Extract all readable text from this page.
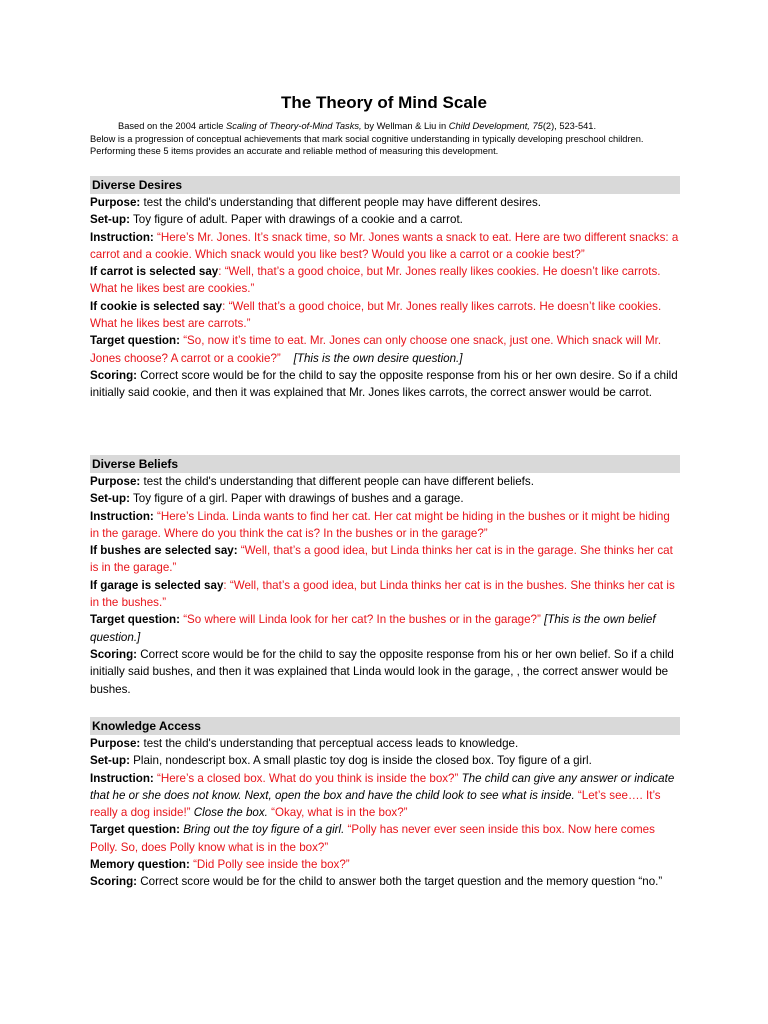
The Theory of Mind Scale
Based on the 2004 article Scaling of Theory-of-Mind Tasks, by Wellman & Liu in Child Development, 75(2), 523-541.
Below is a progression of conceptual achievements that mark social cognitive understanding in typically developing preschool children. Performing these 5 items provides an accurate and reliable method of measuring this development.
Diverse Desires
Purpose: test the child's understanding that different people may have different desires.
Set-up: Toy figure of adult. Paper with drawings of a cookie and a carrot.
Instruction: “Here’s Mr. Jones. It’s snack time, so Mr. Jones wants a snack to eat. Here are two different snacks: a carrot and a cookie. Which snack would you like best? Would you like a carrot or a cookie best?”
If carrot is selected say: “Well, that’s a good choice, but Mr. Jones really likes cookies. He doesn’t like carrots. What he likes best are cookies.”
If cookie is selected say: “Well that’s a good choice, but Mr. Jones really likes carrots. He doesn’t like cookies. What he likes best are carrots.”
Target question: “So, now it’s time to eat. Mr. Jones can only choose one snack, just one. Which snack will Mr. Jones choose? A carrot or a cookie?” [This is the own desire question.]
Scoring: Correct score would be for the child to say the opposite response from his or her own desire. So if a child initially said cookie, and then it was explained that Mr. Jones likes carrots, the correct answer would be carrot.
Diverse Beliefs
Purpose: test the child's understanding that different people can have different beliefs.
Set-up: Toy figure of a girl. Paper with drawings of bushes and a garage.
Instruction: “Here’s Linda. Linda wants to find her cat. Her cat might be hiding in the bushes or it might be hiding in the garage. Where do you think the cat is? In the bushes or in the garage?”
If bushes are selected say: “Well, that’s a good idea, but Linda thinks her cat is in the garage. She thinks her cat is in the garage.”
If garage is selected say: “Well, that’s a good idea, but Linda thinks her cat is in the bushes. She thinks her cat is in the bushes.”
Target question: “So where will Linda look for her cat? In the bushes or in the garage?” [This is the own belief question.]
Scoring: Correct score would be for the child to say the opposite response from his or her own belief. So if a child initially said bushes, and then it was explained that Linda would look in the garage, , the correct answer would be bushes.
Knowledge Access
Purpose: test the child's understanding that perceptual access leads to knowledge.
Set-up: Plain, nondescript box. A small plastic toy dog is inside the closed box. Toy figure of a girl.
Instruction: “Here’s a closed box. What do you think is inside the box?” The child can give any answer or indicate that he or she does not know. Next, open the box and have the child look to see what is inside. “Let’s see…. It’s really a dog inside!” Close the box. “Okay, what is in the box?”
Target question: Bring out the toy figure of a girl. “Polly has never ever seen inside this box. Now here comes Polly. So, does Polly know what is in the box?”
Memory question: “Did Polly see inside the box?”
Scoring: Correct score would be for the child to answer both the target question and the memory question “no.”
